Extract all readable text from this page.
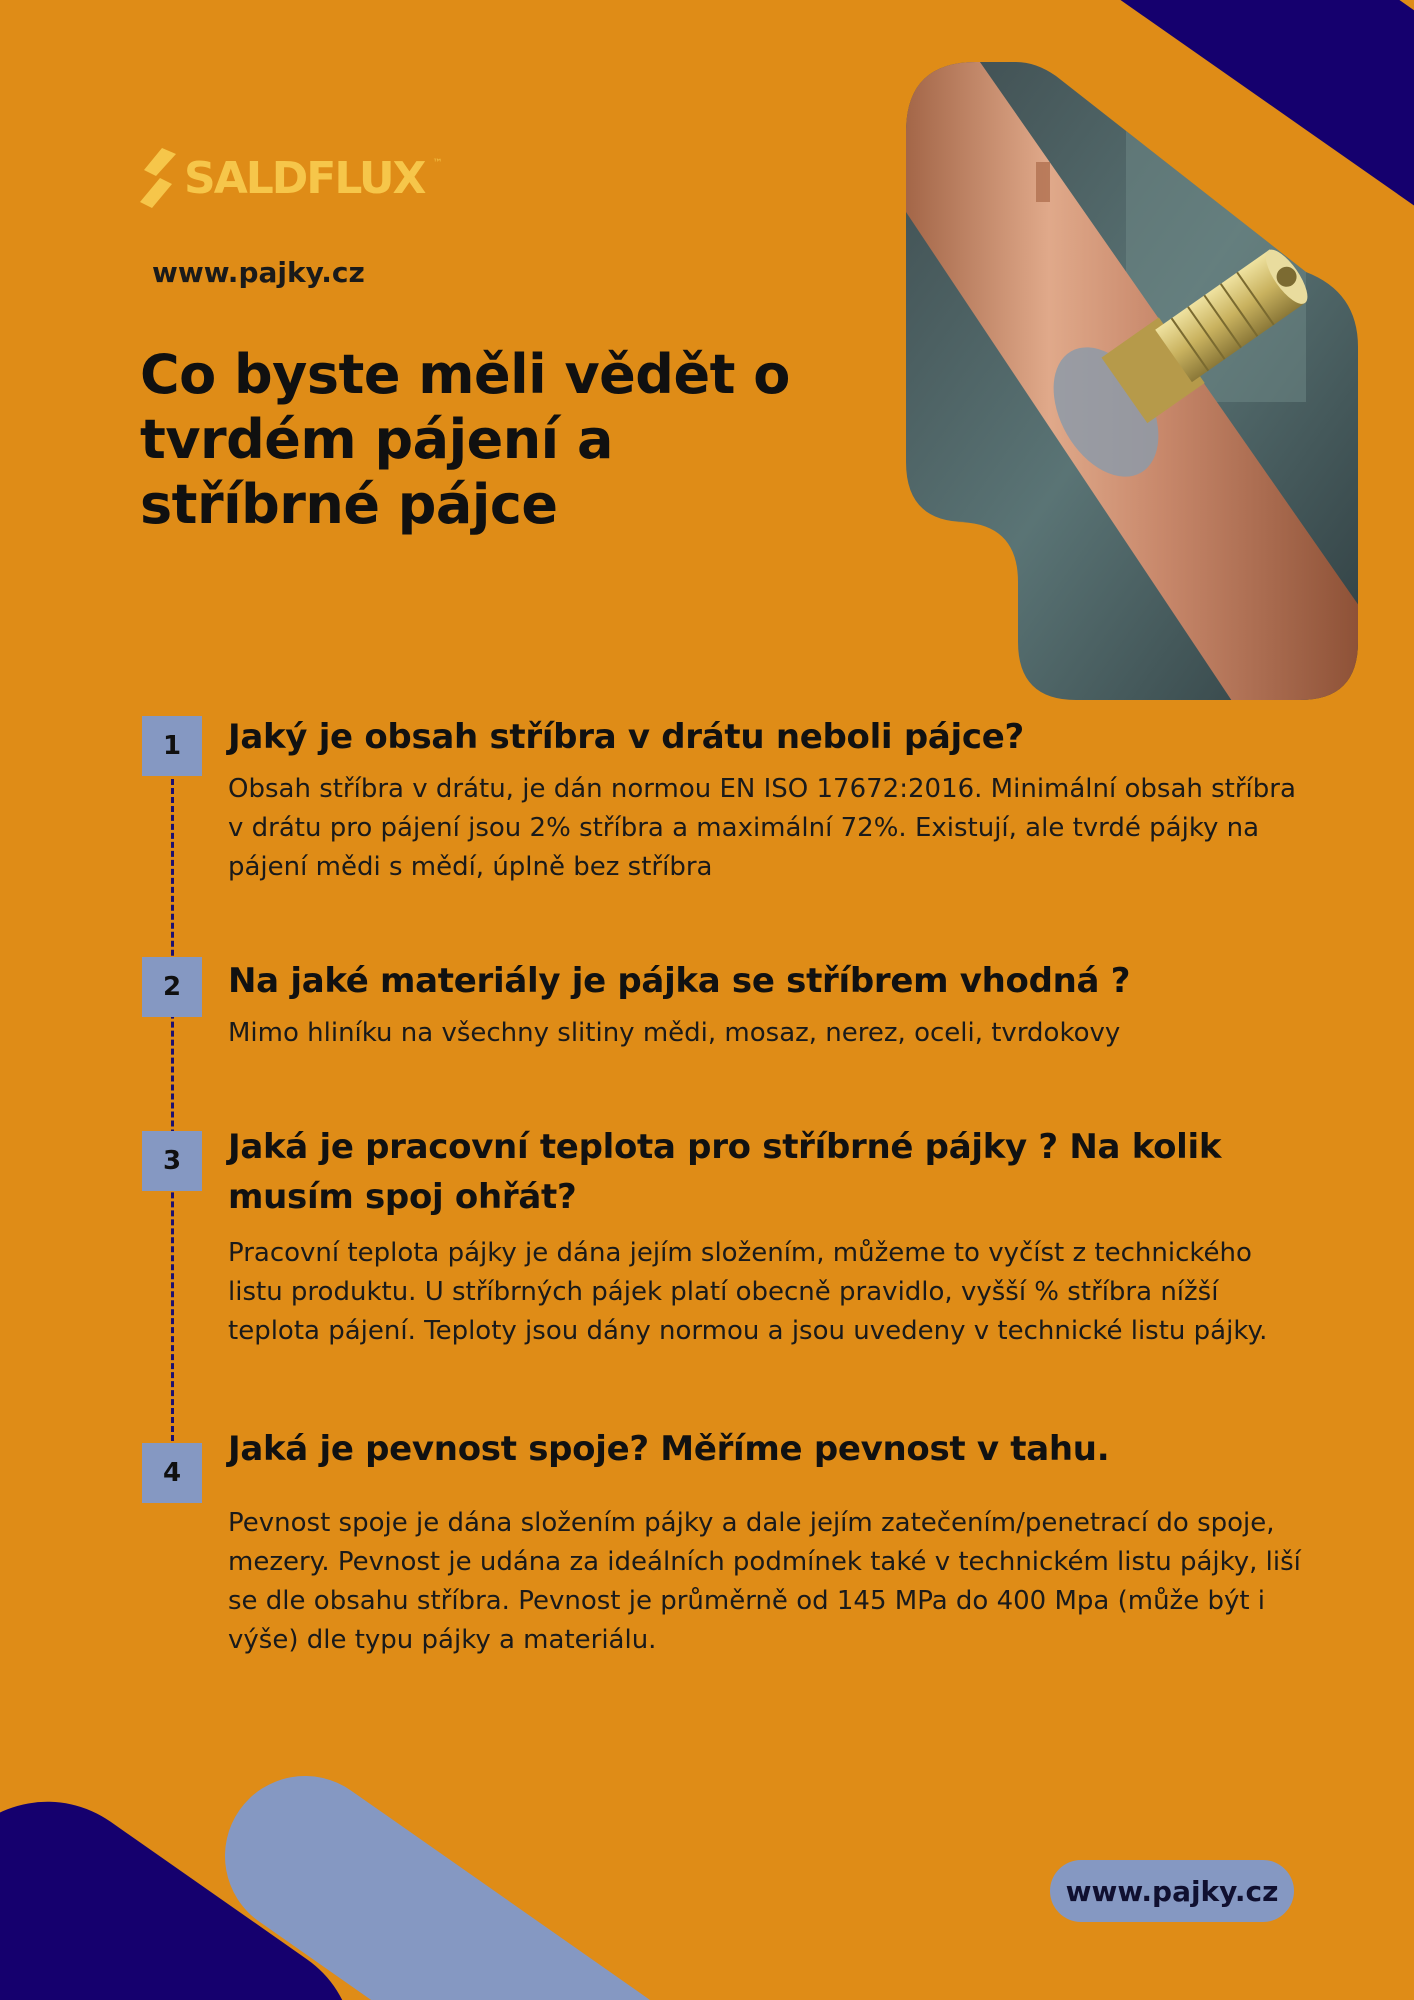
SALDFLUX ™
www.pajky.cz
Co byste měli vědět o tvrdém pájení a stříbrné pájce
1	Jaký je obsah stříbra v drátu neboli pájce?

Obsah stříbra v drátu, je dán normou EN ISO 17672:2016. Minimální obsah stříbra v drátu pro pájení jsou 2% stříbra a maximální 72%. Existují, ale tvrdé pájky na pájení mědi s mědí, úplně bez stříbra

2	Na jaké materiály je pájka se stříbrem vhodná ?

Mimo hliníku na všechny slitiny mědi, mosaz, nerez, oceli, tvrdokovy

3	Jaká je pracovní teplota pro stříbrné pájky ? Na kolik musím spoj ohřát?

Pracovní teplota pájky je dána jejím složením, můžeme to vyčíst z technického listu produktu. U stříbrných pájek platí obecně pravidlo, vyšší % stříbra nížší teplota pájení. Teploty jsou dány normou a jsou uvedeny v technické listu pájky.

4
Jaká je pevnost spoje? Měříme pevnost v tahu.

Pevnost spoje je dána složením pájky a dale jejím zatečením/penetrací do spoje, mezery. Pevnost je udána za ideálních podmínek také v technickém listu pájky, liší se dle obsahu stříbra. Pevnost je průměrně od 145 MPa do 400 Mpa (může být i výše) dle typu pájky a materiálu.

www.pajky.cz
